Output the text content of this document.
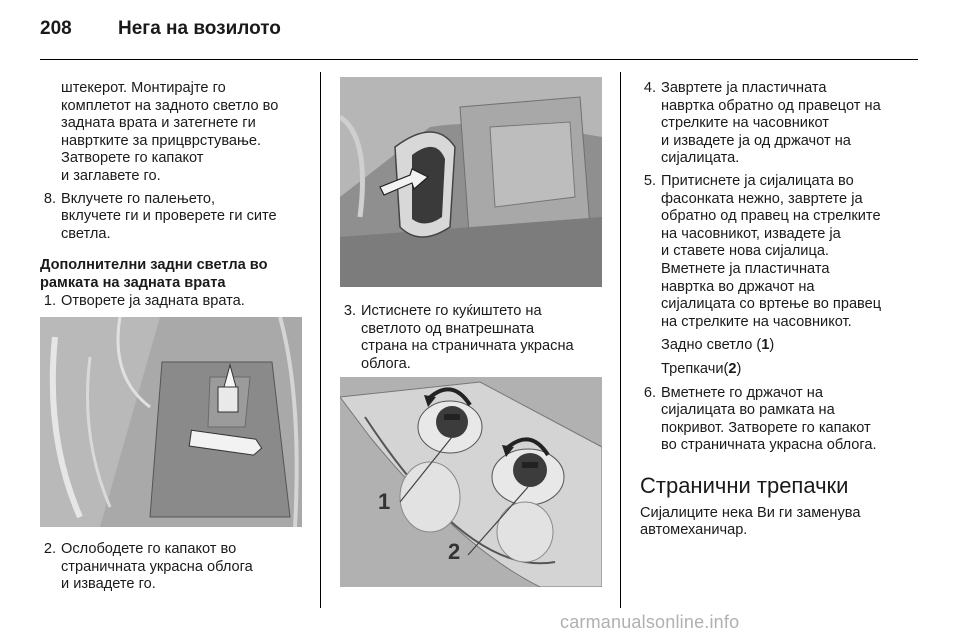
208 Нега на возилото

штекерот. Монтирајте го

комплетот на задното светло во

задната врата и затегнете ги

навртките за прицврстување.

Затворете го капакот

и заглавете го.

8. Вклучете го палењето,

вклучете ги и проверете ги сите

светла.

Дополнителни задни светла во

рамката на задната врата

1. Отворете ја задната врата.

2. Ослободете го капакот во

страничната украсна облога

и извадете го.

3. Истиснете го куќиштето на

светлото од внатрешната

страна на страничната украсна

облога.

1
2
4. Завртете ја пластичната

навртка обратно од правецот на

стрелките на часовникот

и извадете ја од држачот на

сијалицата.

5. Притиснете ја сијалицата во

фасонката нежно, завртете ја

обратно од правец на стрелките

на часовникот, извадете ја

и ставете нова сијалица.

Вметнете ја пластичната

навртка во држачот на

сијалицата со вртење во правец

на стрелките на часовникот.

Задно светло (1)

Трепкачи(2)

6. Вметнете го држачот на

сијалицата во рамката на

покривот. Затворете го капакот

во страничната украсна облога.

Странични трепачки

Сијалиците нека Ви ги заменува

автомеханичар.

carmanualsonline.info
